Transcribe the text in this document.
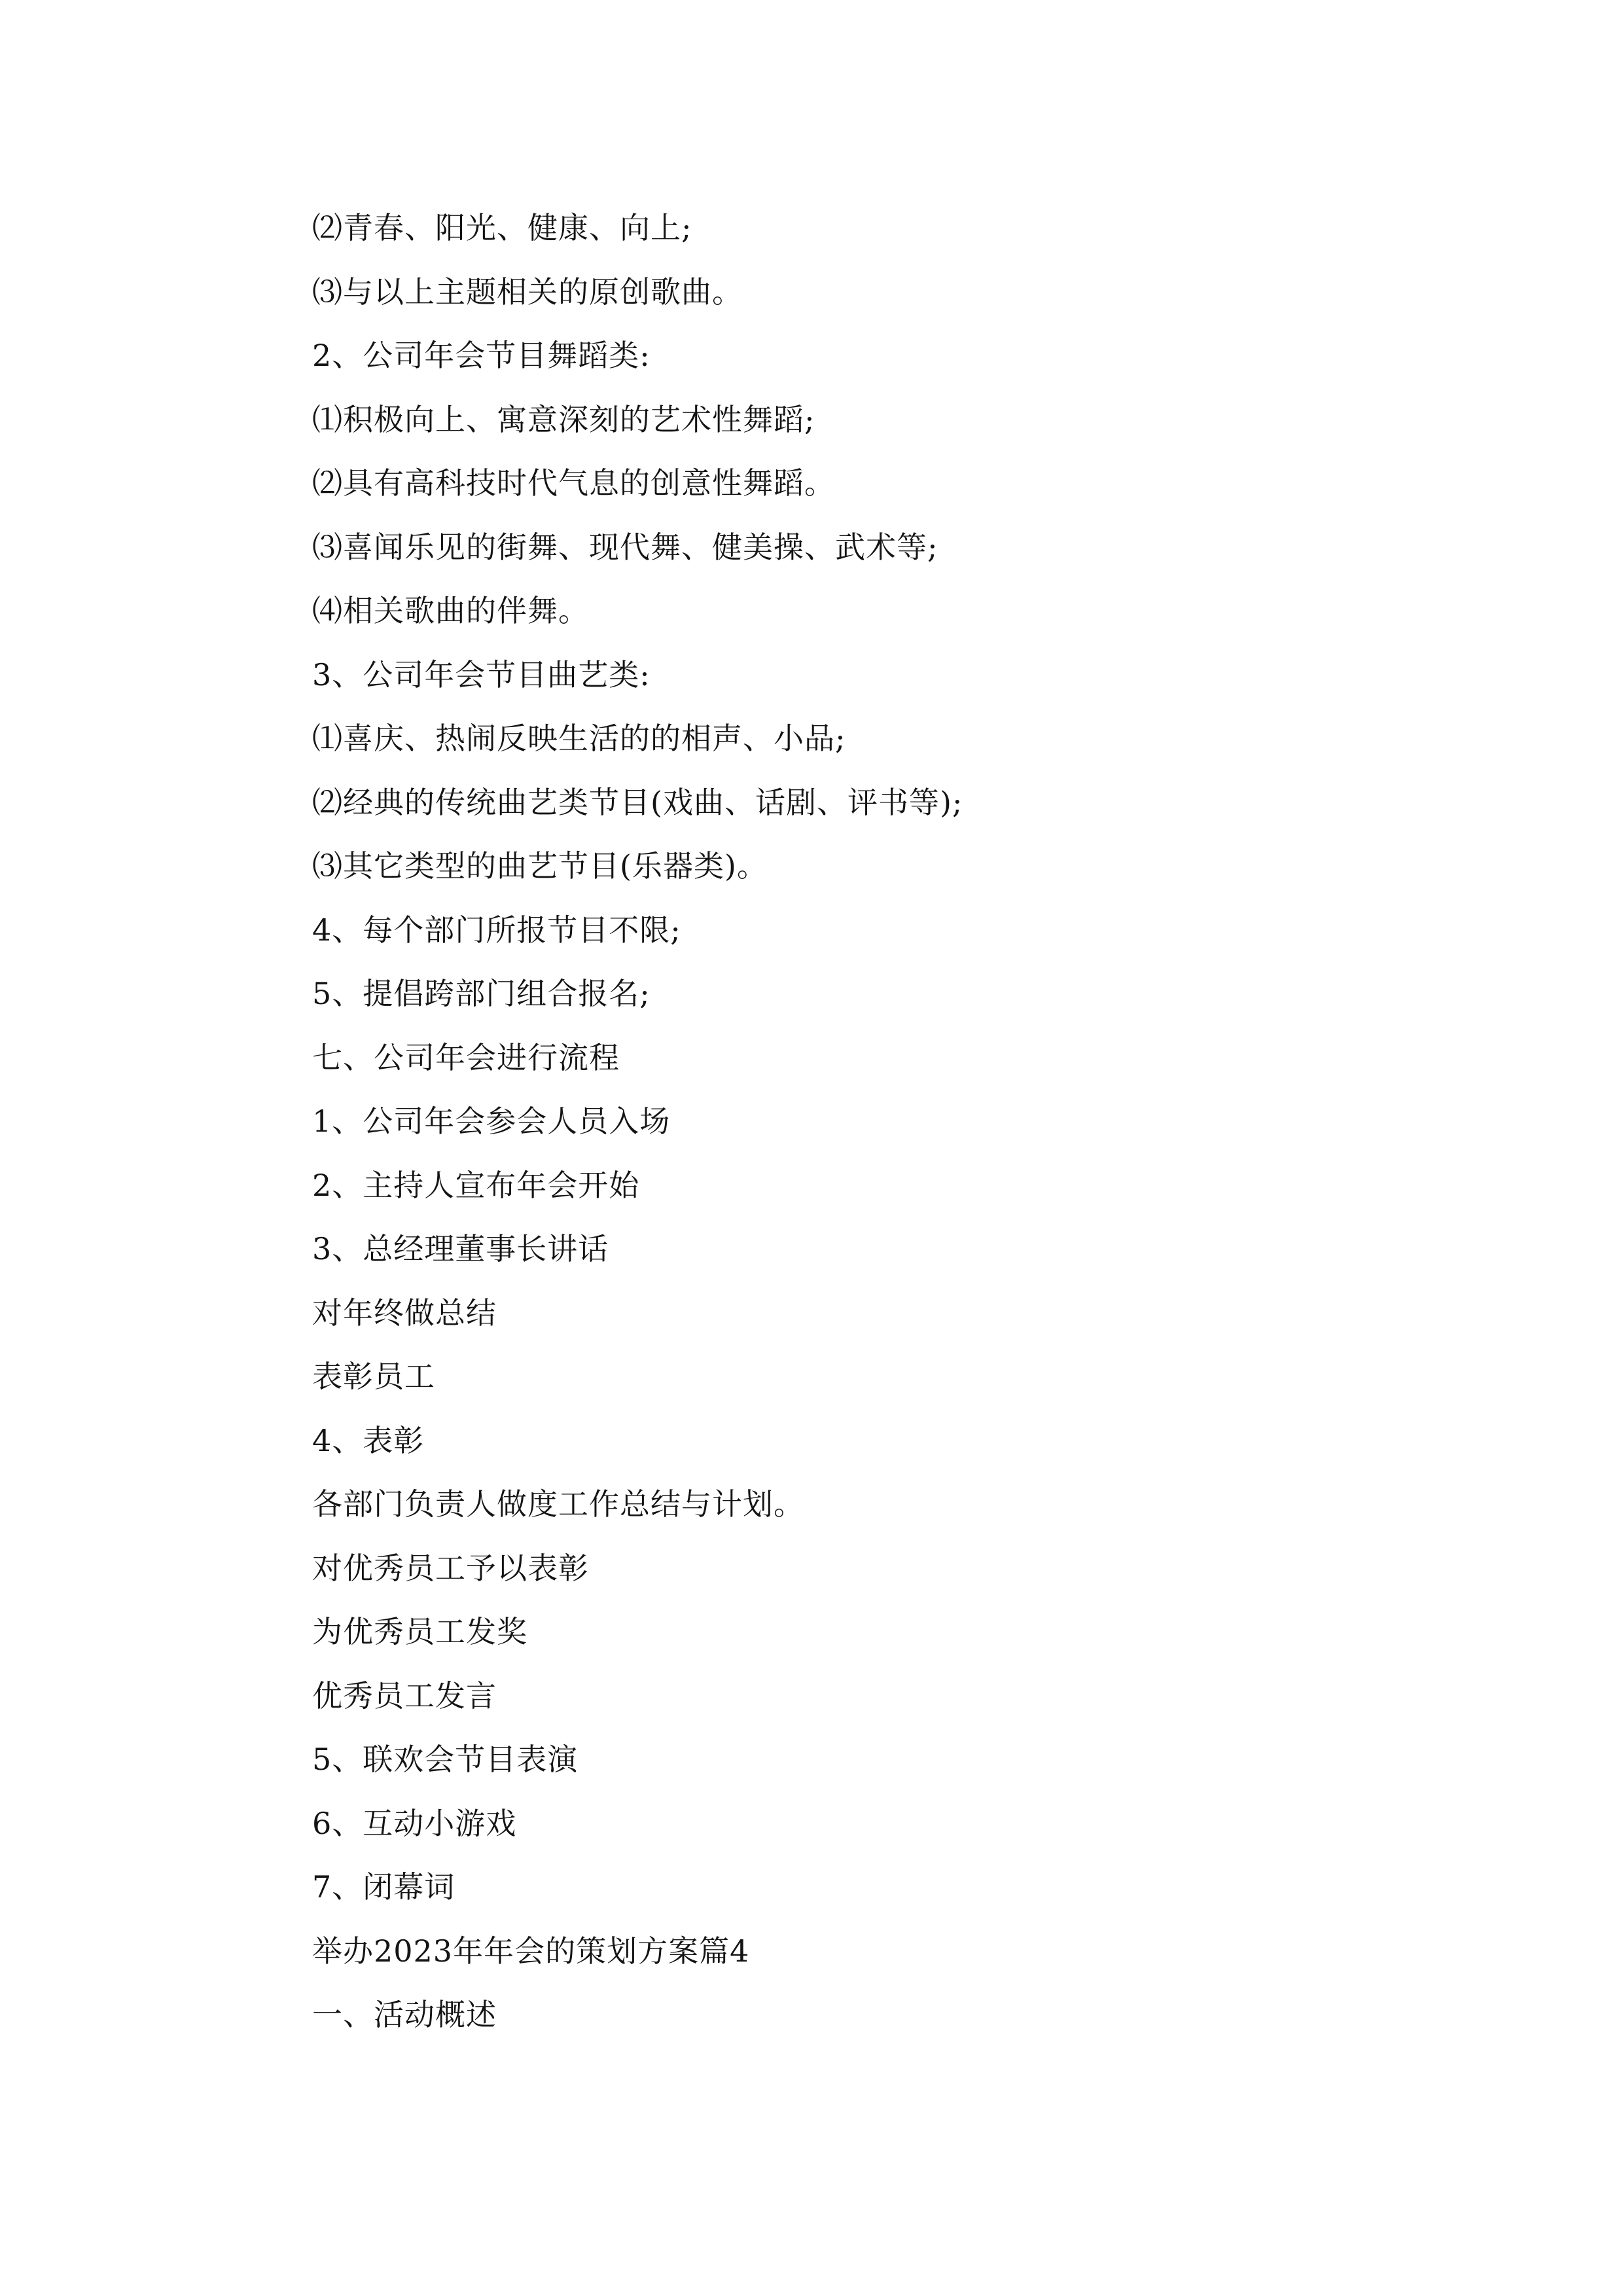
⑵青春、阳光、健康、向上;
⑶与以上主题相关的原创歌曲。
2、公司年会节目舞蹈类:
⑴积极向上、寓意深刻的艺术性舞蹈;
⑵具有高科技时代气息的创意性舞蹈。
⑶喜闻乐见的街舞、现代舞、健美操、武术等;
⑷相关歌曲的伴舞。
3、公司年会节目曲艺类:
⑴喜庆、热闹反映生活的的相声、小品;
⑵经典的传统曲艺类节目(戏曲、话剧、评书等);
⑶其它类型的曲艺节目(乐器类)。
4、每个部门所报节目不限;
5、提倡跨部门组合报名;
七、公司年会进行流程
1、公司年会参会人员入场
2、主持人宣布年会开始
3、总经理董事长讲话
对年终做总结
表彰员工
4、表彰
各部门负责人做度工作总结与计划。
对优秀员工予以表彰
为优秀员工发奖
优秀员工发言
5、联欢会节目表演
6、互动小游戏
7、闭幕词
举办2023年年会的策划方案篇4
一、活动概述
